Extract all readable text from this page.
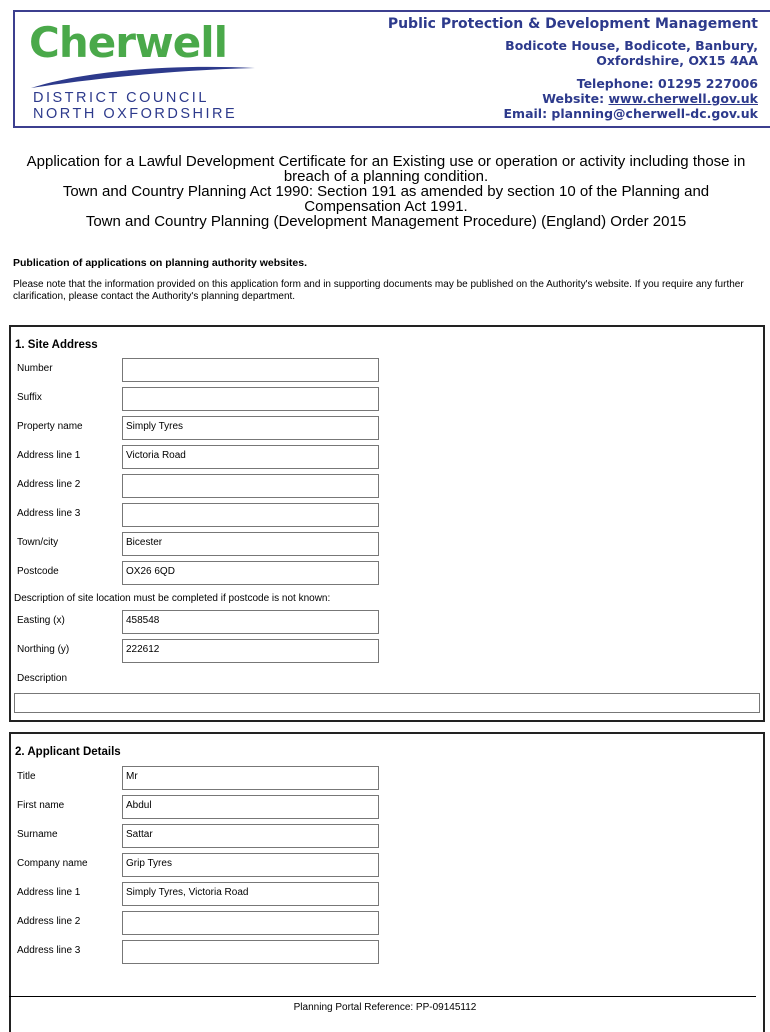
Cherwell
DISTRICT COUNCIL
NORTH OXFORDSHIRE
Public Protection & Development Management
Bodicote House, Bodicote, Banbury,
Oxfordshire, OX15 4AA
Telephone: 01295 227006
Website: www.cherwell.gov.uk
Email: planning@cherwell-dc.gov.uk
Application for a Lawful Development Certificate for an Existing use or operation or activity including those in
breach of a planning condition.
Town and Country Planning Act 1990: Section 191 as amended by section 10 of the Planning and
Compensation Act 1991.
Town and Country Planning (Development Management Procedure) (England) Order 2015
Publication of applications on planning authority websites.
Please note that the information provided on this application form and in supporting documents may be published on the Authority's website. If you require any further clarification, please contact the Authority's planning department.
1. Site Address
Number
Suffix
Property name	Simply Tyres
Address line 1	Victoria Road
Address line 2
Address line 3
Town/city	Bicester
Postcode	OX26 6QD
Description of site location must be completed if postcode is not known:
Easting (x)	458548
Northing (y)	222612
Description
2. Applicant Details
Title	Mr
First name	Abdul
Surname	Sattar
Company name	Grip Tyres
Address line 1	Simply Tyres, Victoria Road
Address line 2
Address line 3
Planning Portal Reference: PP-09145112
